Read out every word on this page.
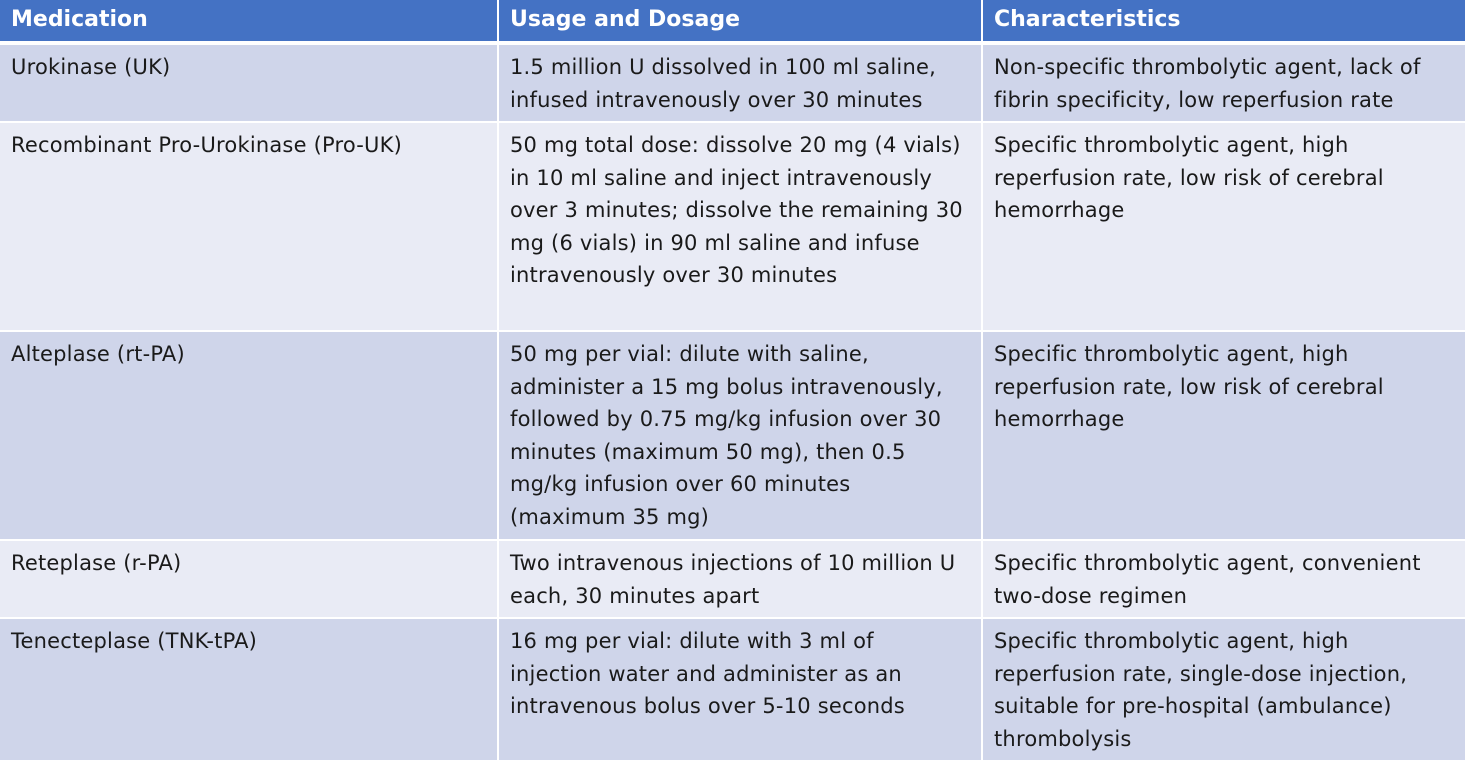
Medication	Usage and Dosage	Characteristics
Urokinase (UK)	1.5 million U dissolved in 100 ml saline, infused intravenously over 30 minutes	Non-specific thrombolytic agent, lack of fibrin specificity, low reperfusion rate
Recombinant Pro-Urokinase (Pro-UK)	50 mg total dose: dissolve 20 mg (4 vials) in 10 ml saline and inject intravenously over 3 minutes; dissolve the remaining 30 mg (6 vials) in 90 ml saline and infuse intravenously over 30 minutes	Specific thrombolytic agent, high reperfusion rate, low risk of cerebral hemorrhage
Alteplase (rt-PA)	50 mg per vial: dilute with saline, administer a 15 mg bolus intravenously, followed by 0.75 mg/kg infusion over 30 minutes (maximum 50 mg), then 0.5 mg/kg infusion over 60 minutes (maximum 35 mg)	Specific thrombolytic agent, high reperfusion rate, low risk of cerebral hemorrhage
Reteplase (r-PA)	Two intravenous injections of 10 million U each, 30 minutes apart	Specific thrombolytic agent, convenient two-dose regimen
Tenecteplase (TNK-tPA)	16 mg per vial: dilute with 3 ml of injection water and administer as an intravenous bolus over 5-10 seconds	Specific thrombolytic agent, high reperfusion rate, single-dose injection, suitable for pre-hospital (ambulance) thrombolysis
